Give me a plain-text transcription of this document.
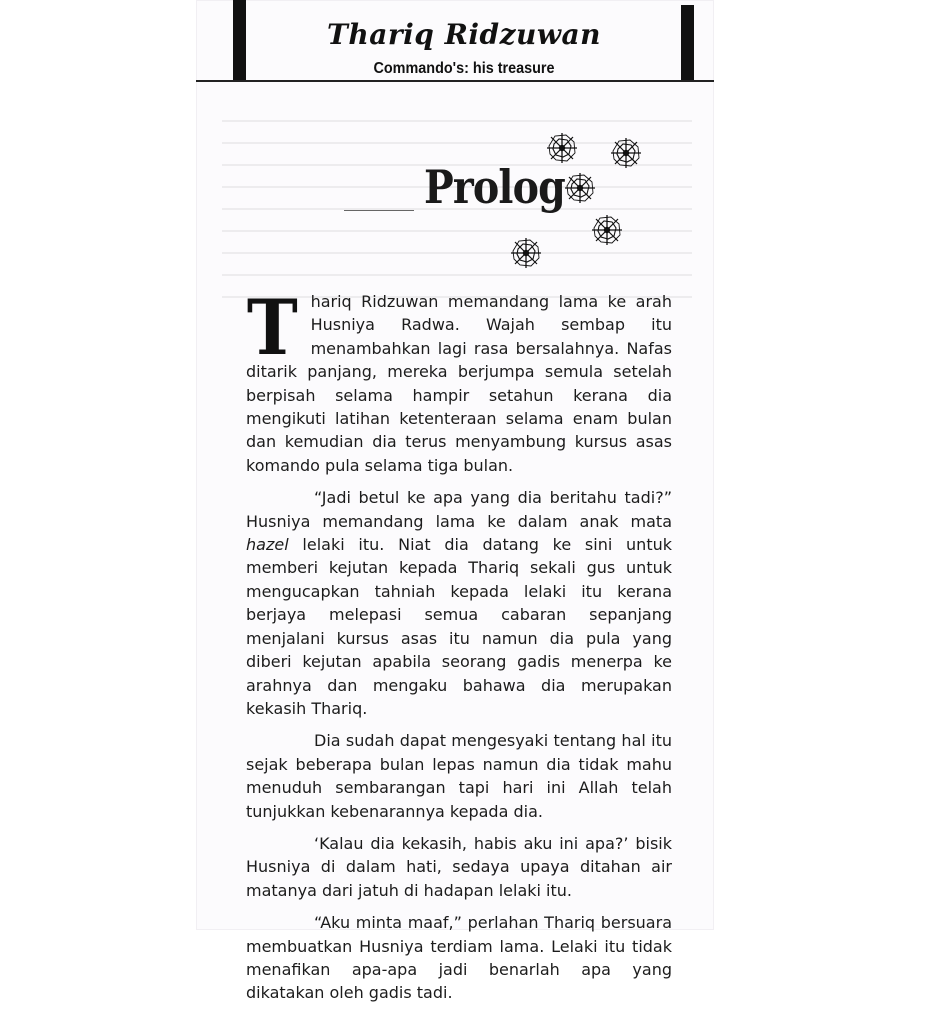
Thariq Ridzuwan
Commando's: his treasure
Prolog

Thariq Ridzuwan memandang lama ke arah Husniya Radwa. Wajah sembap itu menambahkan lagi rasa bersalahnya. Nafas ditarik panjang, mereka berjumpa semula setelah berpisah selama hampir setahun kerana dia mengikuti latihan ketenteraan selama enam bulan dan kemudian dia terus menyambung kursus asas komando pula selama tiga bulan.

“Jadi betul ke apa yang dia beritahu tadi?” Husniya memandang lama ke dalam anak mata hazel lelaki itu. Niat dia datang ke sini untuk memberi kejutan kepada Thariq sekali gus untuk mengucapkan tahniah kepada lelaki itu kerana berjaya melepasi semua cabaran sepanjang menjalani kursus asas itu namun dia pula yang diberi kejutan apabila seorang gadis menerpa ke arahnya dan mengaku bahawa dia merupakan kekasih Thariq.

Dia sudah dapat mengesyaki tentang hal itu sejak beberapa bulan lepas namun dia tidak mahu menuduh sembarangan tapi hari ini Allah telah tunjukkan kebenarannya kepada dia.

‘Kalau dia kekasih, habis aku ini apa?’ bisik Husniya di dalam hati, sedaya upaya ditahan air matanya dari jatuh di hadapan lelaki itu.

“Aku minta maaf,” perlahan Thariq bersuara membuatkan Husniya terdiam lama. Lelaki itu tidak menafikan apa-apa jadi benarlah apa yang dikatakan oleh gadis tadi.
